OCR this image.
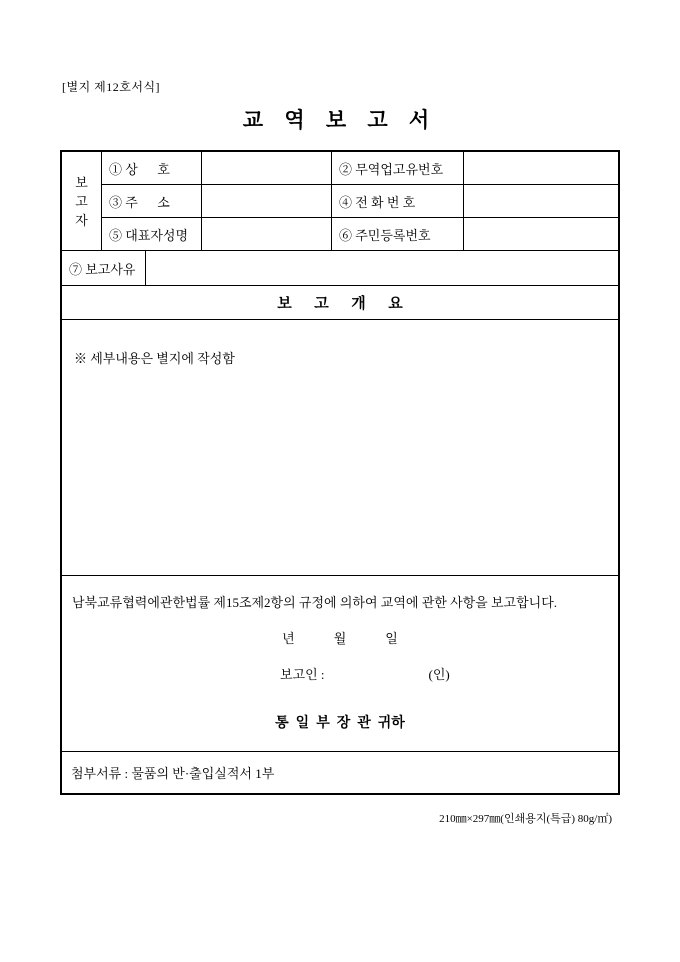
[별지 제12호서식]
교 역 보 고 서
보
고
자
① 상      호	② 무역업고유번호
③ 주      소	④ 전 화 번 호
⑤ 대표자성명	⑥ 주민등록번호
⑦ 보고사유
보      고      개      요
※ 세부내용은 별지에 작성함
남북교류협력에관한법률 제15조제2항의 규정에 의하여 교역에 관한 사항을 보고합니다.
년            월            일
보고인 :	(인)
통  일  부  장  관  귀하
첨부서류 : 물품의 반·출입실적서 1부
210㎜×297㎜(인쇄용지(특급) 80g/㎡)
